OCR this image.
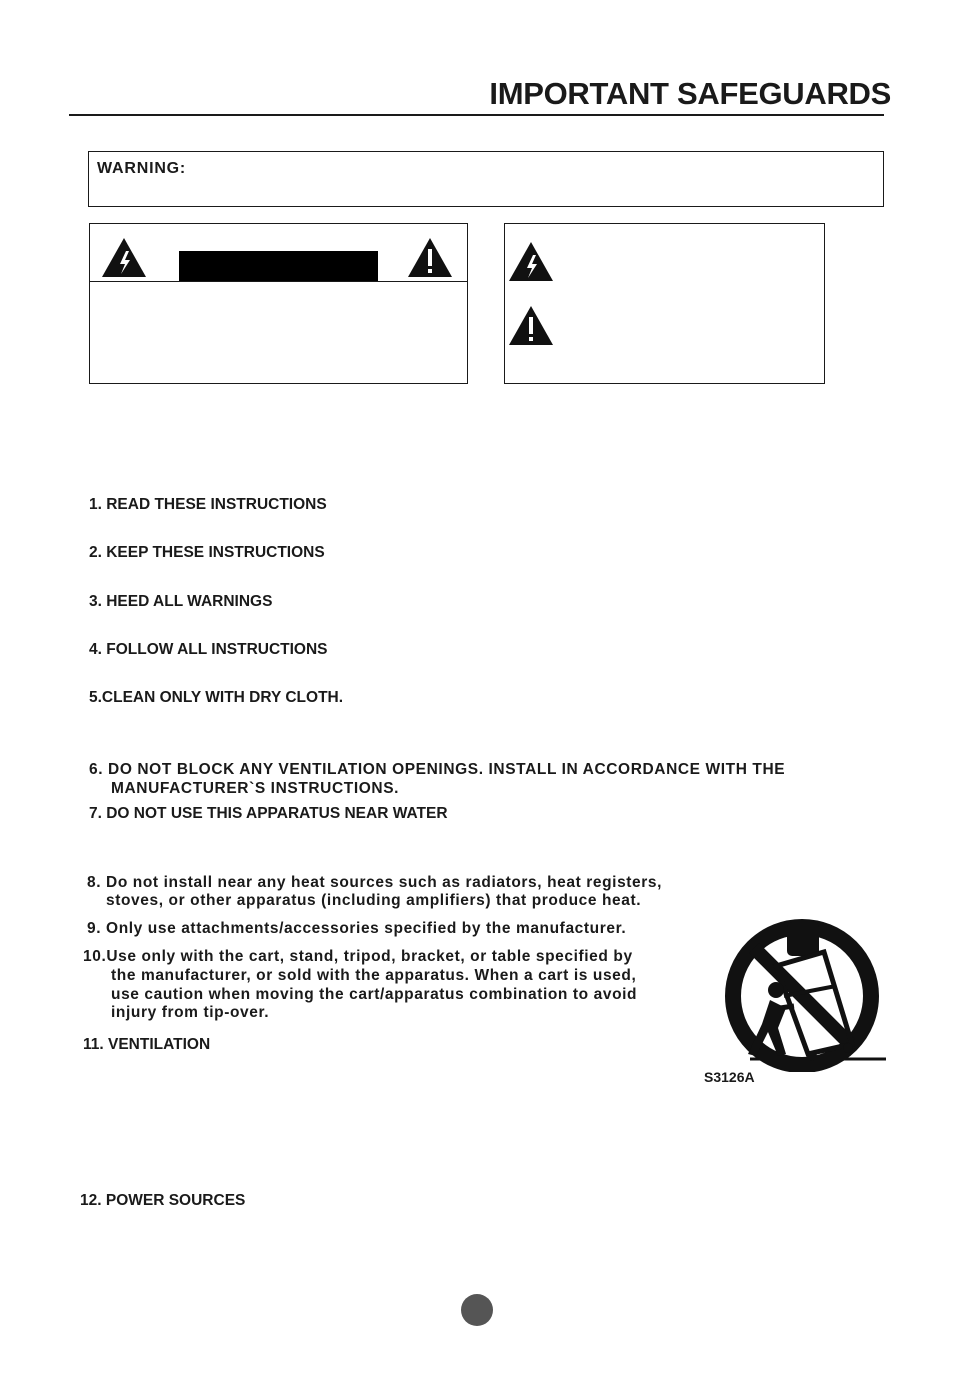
IMPORTANT SAFEGUARDS
WARNING:
1. READ THESE INSTRUCTIONS
2. KEEP THESE INSTRUCTIONS
3. HEED ALL WARNINGS
4. FOLLOW ALL INSTRUCTIONS
5.CLEAN ONLY WITH DRY CLOTH.
6. DO NOT BLOCK ANY VENTILATION OPENINGS. INSTALL IN ACCORDANCE WITH THE
MANUFACTURER`S INSTRUCTIONS.
7. DO NOT USE THIS APPARATUS NEAR WATER
8. Do not install near any heat sources such as radiators, heat registers,
stoves, or other apparatus (including amplifiers) that produce heat.
9. Only use attachments/accessories specified by the manufacturer.
10.Use only with the cart, stand, tripod, bracket, or table specified by
the manufacturer, or sold with the apparatus. When a cart is used,
use caution when moving the cart/apparatus combination to avoid
injury from tip-over.
11. VENTILATION
S3126A
12. POWER SOURCES
